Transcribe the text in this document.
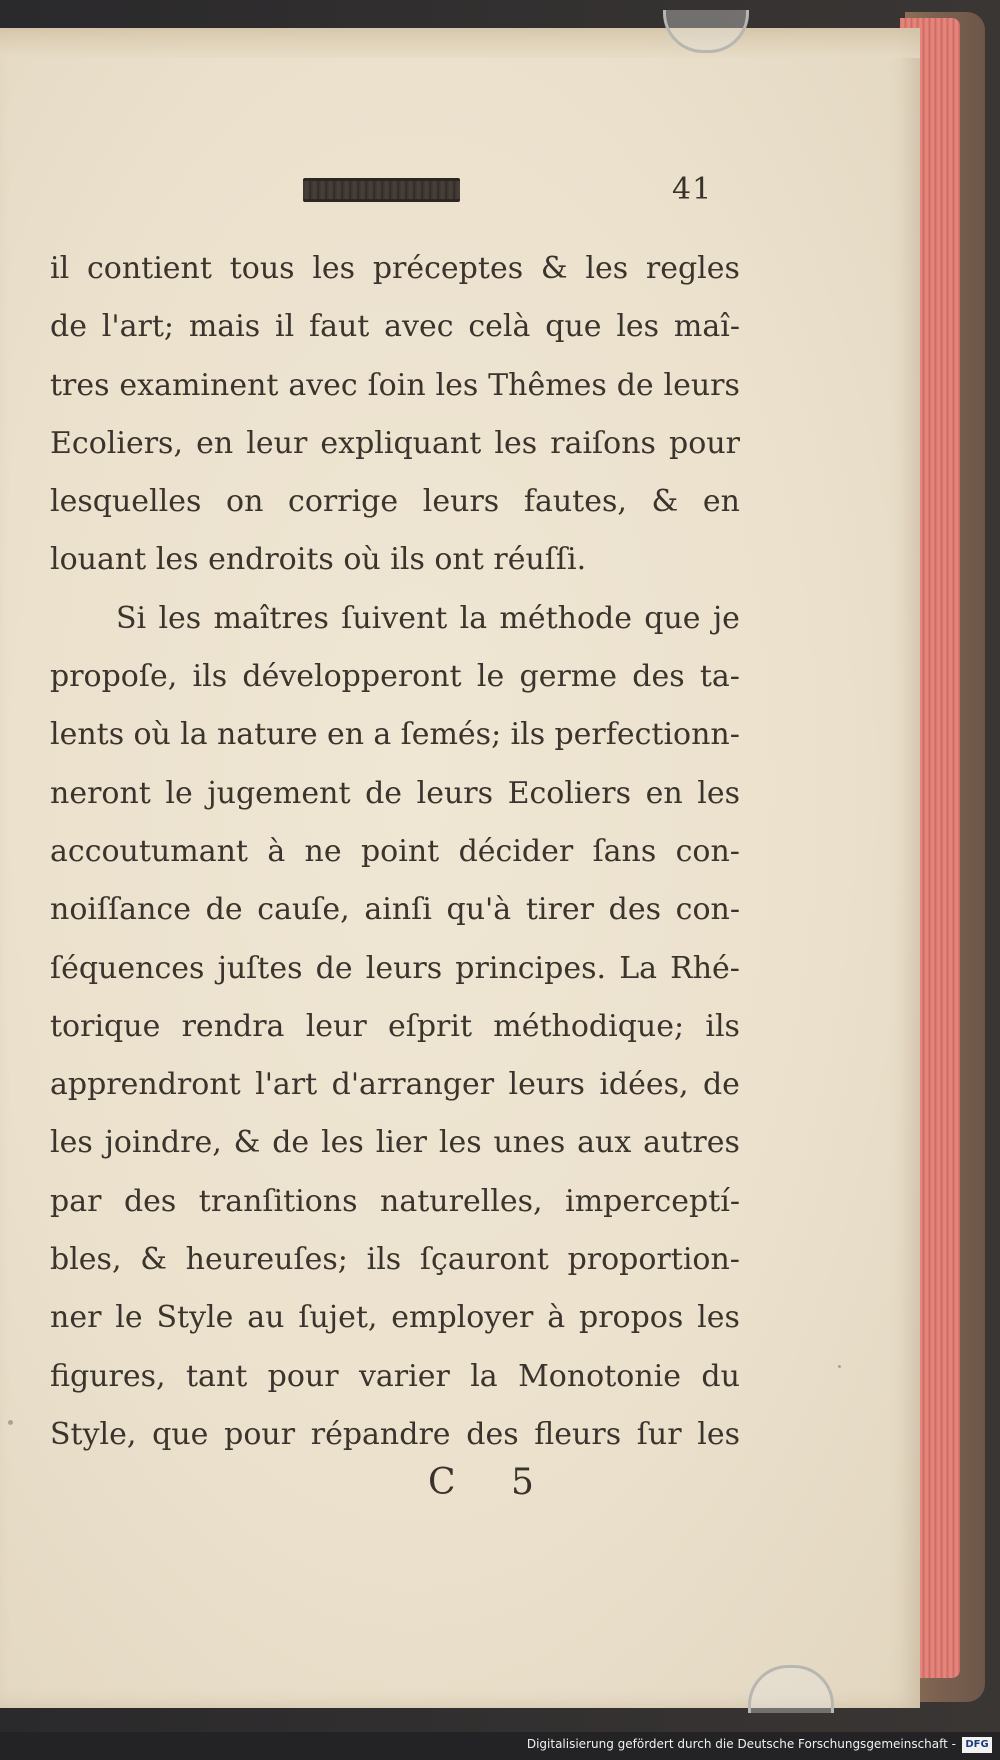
41
il contient tous les préceptes & les regles
de l'art; mais il faut avec celà que les maî-
tres examinent avec ſoin les Thêmes de leurs
Ecoliers, en leur expliquant les raiſons pour
lesquelles on corrige leurs fautes, & en
louant les endroits où ils ont réuſſi.
Si les maîtres ſuivent la méthode que je
propoſe, ils développeront le germe des ta-
lents où la nature en a ſemés; ils perfectionn-
neront le jugement de leurs Ecoliers en les
accoutumant à ne point décider ſans con-
noiſſance de cauſe, ainſi qu'à tirer des con-
ſéquences juſtes de leurs principes. La Rhé-
torique rendra leur eſprit méthodique; ils
apprendront l'art d'arranger leurs idées, de
les joindre, & de les lier les unes aux autres
par des tranſitions naturelles, imperceptí-
bles, & heureuſes; ils ſçauront proportion-
ner le Style au ſujet, employer à propos les
figures, tant pour varier la Monotonie du
Style, que pour répandre des fleurs ſur les
C 5
Digitalisierung gefördert durch die Deutsche Forschungsgemeinschaft - DFG
